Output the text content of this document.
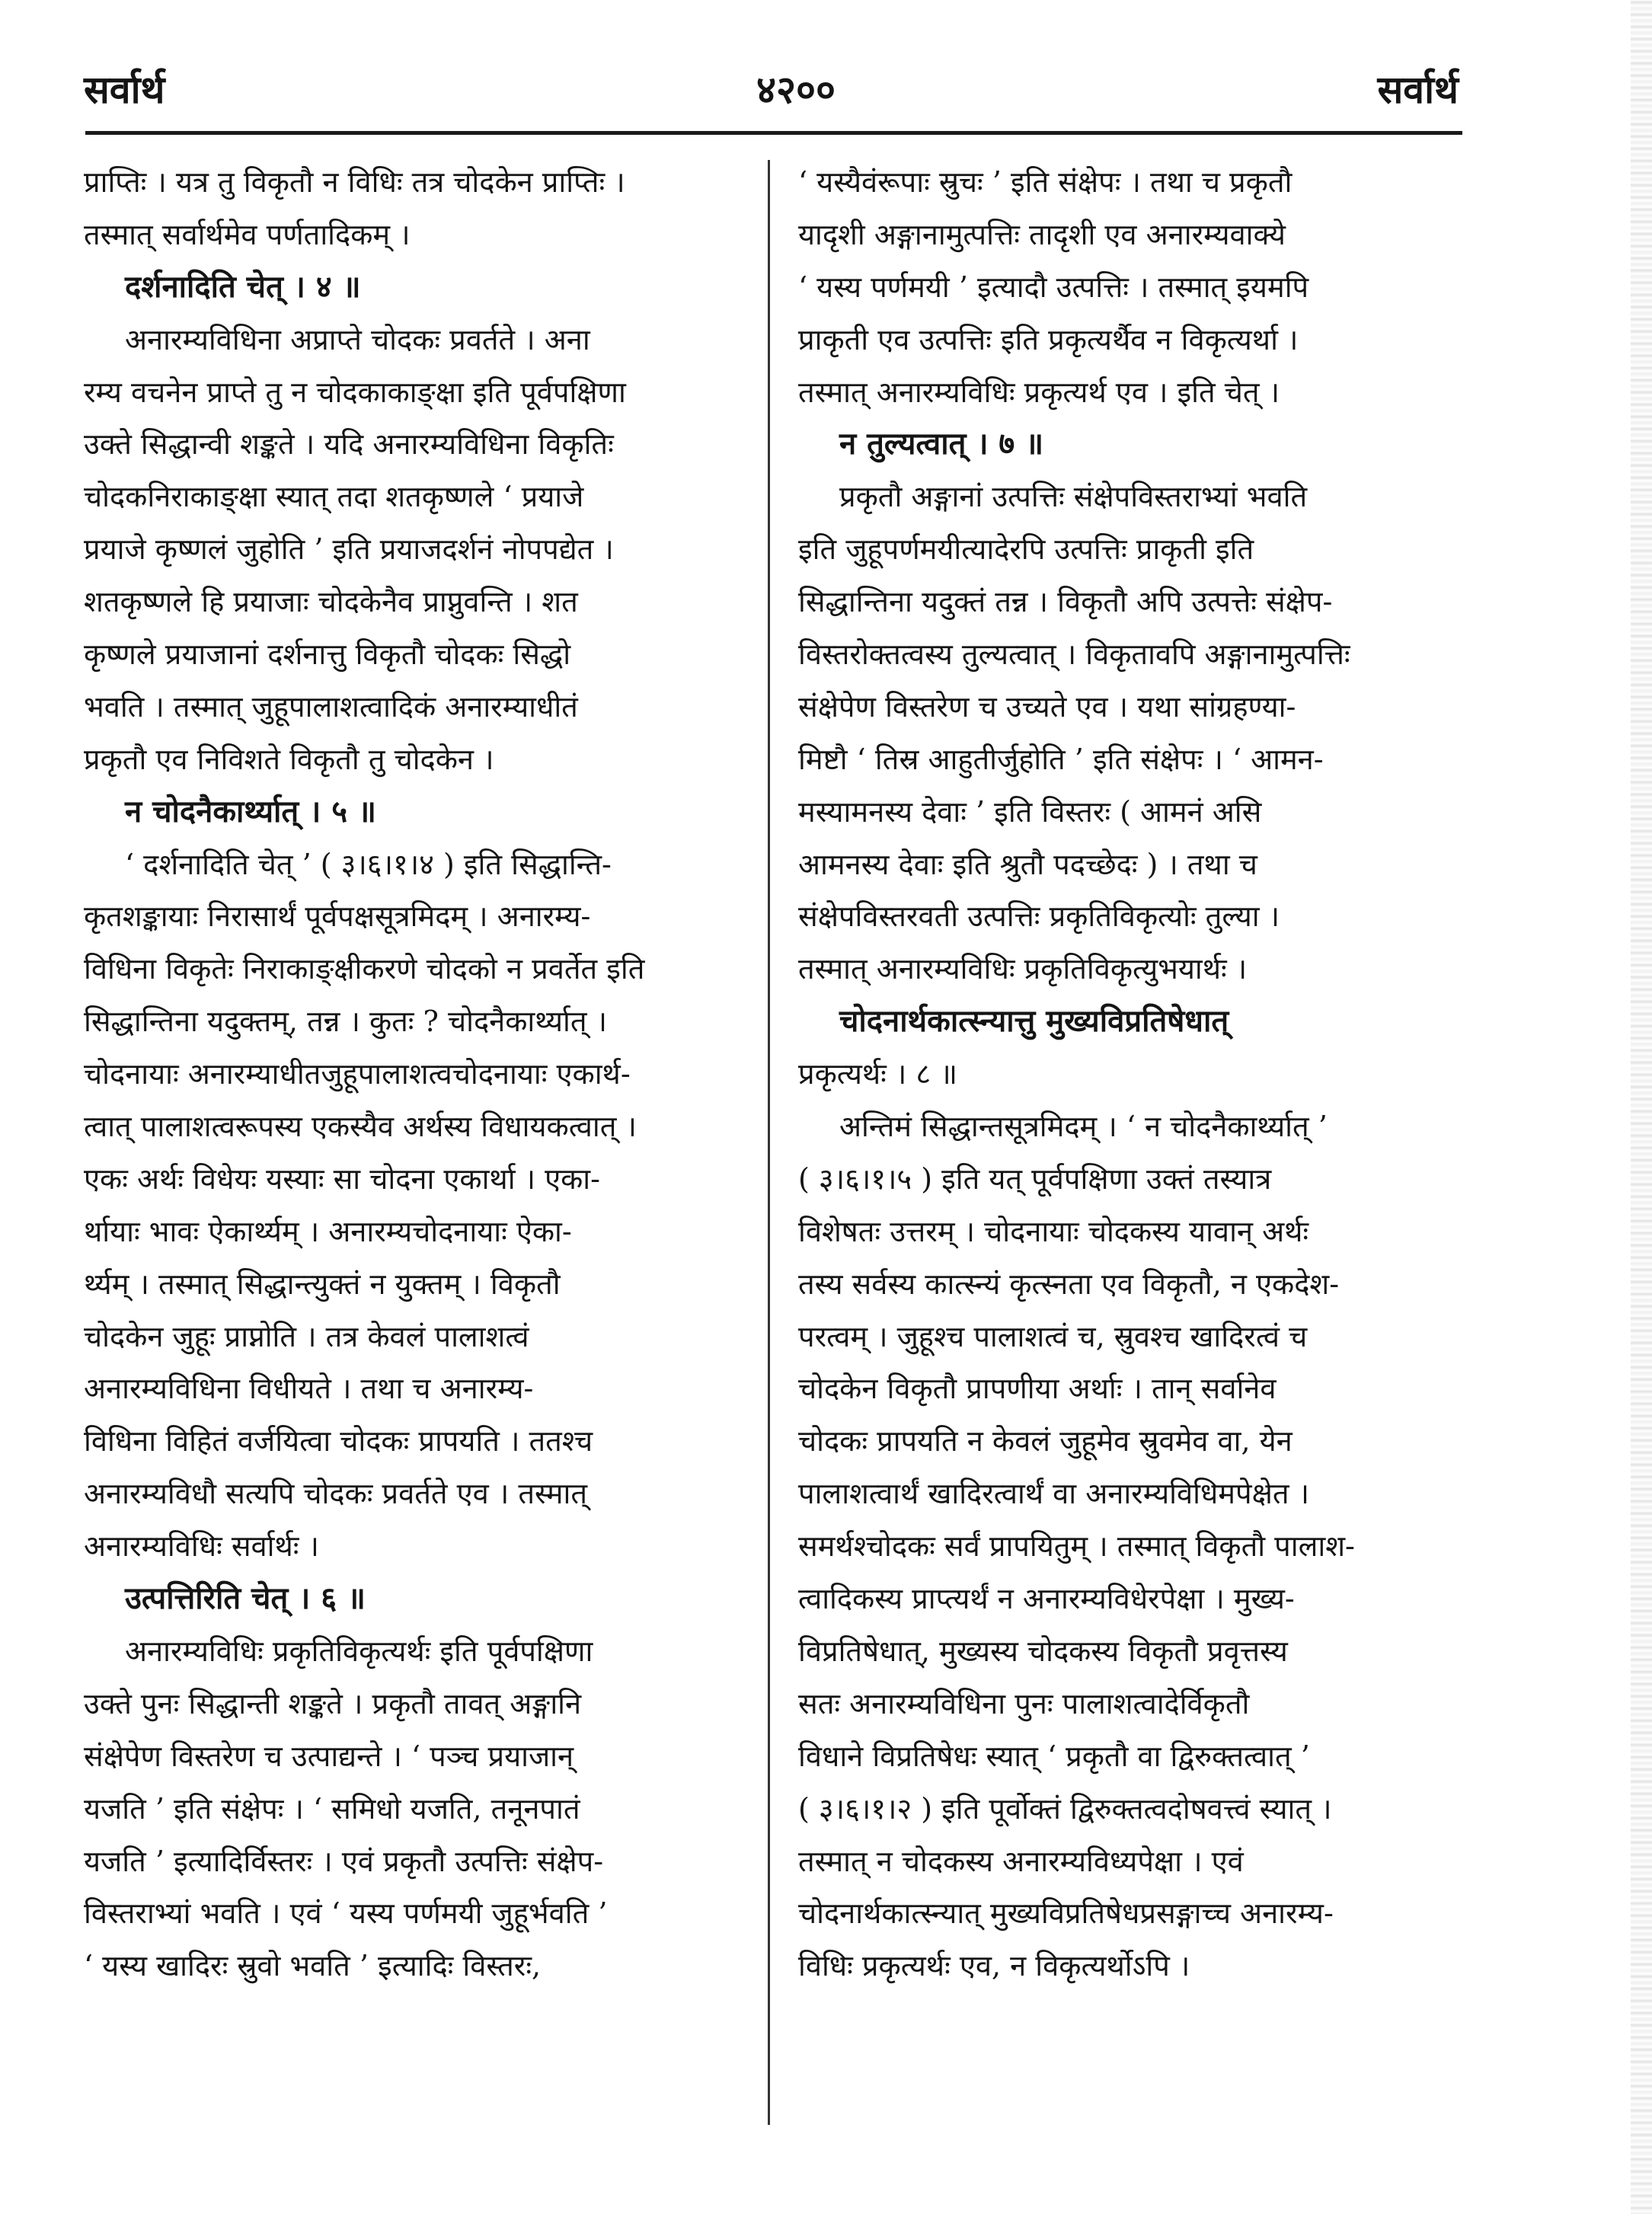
सर्वार्थ	४२००	सर्वार्थ
प्राप्तिः । यत्र तु विकृतौ न विधिः तत्र चोदकेन प्राप्तिः ।
तस्मात् सर्वार्थमेव पर्णतादिकम् ।
दर्शनादिति चेत् । ४ ॥
अनारम्यविधिना अप्राप्ते चोदकः प्रवर्तते । अना
रम्य वचनेन प्राप्ते तु न चोदकाकाङ्क्षा इति पूर्वपक्षिणा
उक्ते सिद्धान्वी शङ्कते । यदि अनारम्यविधिना विकृतिः
चोदकनिराकाङ्क्षा स्यात् तदा शतकृष्णले ‘ प्रयाजे
प्रयाजे कृष्णलं जुहोति ’ इति प्रयाजदर्शनं नोपपद्येत ।
शतकृष्णले हि प्रयाजाः चोदकेनैव प्राप्नुवन्ति । शत
कृष्णले प्रयाजानां दर्शनात्तु विकृतौ चोदकः सिद्धो
भवति । तस्मात् जुहूपालाशत्वादिकं अनारम्याधीतं
प्रकृतौ एव निविशते विकृतौ तु चोदकेन ।
न चोदनैकार्थ्यात् । ५ ॥
‘ दर्शनादिति चेत् ’ ( ३।६।१।४ ) इति सिद्धान्ति-
कृतशङ्कायाः निरासार्थं पूर्वपक्षसूत्रमिदम् । अनारम्य-
विधिना विकृतेः निराकाङ्क्षीकरणे चोदको न प्रवर्तेत इति
सिद्धान्तिना यदुक्तम्, तन्न । कुतः ? चोदनैकार्थ्यात् ।
चोदनायाः अनारम्याधीतजुहूपालाशत्वचोदनायाः एकार्थ-
त्वात् पालाशत्वरूपस्य एकस्यैव अर्थस्य विधायकत्वात् ।
एकः अर्थः विधेयः यस्याः सा चोदना एकार्था । एका-
र्थायाः भावः ऐकार्थ्यम् । अनारम्यचोदनायाः ऐका-
र्थ्यम् । तस्मात् सिद्धान्त्युक्तं न युक्तम् । विकृतौ
चोदकेन जुहूः प्राप्नोति । तत्र केवलं पालाशत्वं
अनारम्यविधिना विधीयते । तथा च अनारम्य-
विधिना विहितं वर्जयित्वा चोदकः प्रापयति । ततश्च
अनारम्यविधौ सत्यपि चोदकः प्रवर्तते एव । तस्मात्
अनारम्यविधिः सर्वार्थः ।
उत्पत्तिरिति चेत् । ६ ॥
अनारम्यविधिः प्रकृतिविकृत्यर्थः इति पूर्वपक्षिणा
उक्ते पुनः सिद्धान्ती शङ्कते । प्रकृतौ तावत् अङ्गानि
संक्षेपेण विस्तरेण च उत्पाद्यन्ते । ‘ पञ्च प्रयाजान्
यजति ’ इति संक्षेपः । ‘ समिधो यजति, तनूनपातं
यजति ’ इत्यादिर्विस्तरः । एवं प्रकृतौ उत्पत्तिः संक्षेप-
विस्तराभ्यां भवति । एवं ‘ यस्य पर्णमयी जुहूर्भवति ’
‘ यस्य खादिरः स्रुवो भवति ’ इत्यादिः विस्तरः,
‘ यस्यैवंरूपाः स्रुचः ’ इति संक्षेपः । तथा च प्रकृतौ
यादृशी अङ्गानामुत्पत्तिः तादृशी एव अनारम्यवाक्ये
‘ यस्य पर्णमयी ’ इत्यादौ उत्पत्तिः । तस्मात् इयमपि
प्राकृती एव उत्पत्तिः इति प्रकृत्यर्थैव न विकृत्यर्था ।
तस्मात् अनारम्यविधिः प्रकृत्यर्थ एव । इति चेत् ।
न तुल्यत्वात् । ७ ॥
प्रकृतौ अङ्गानां उत्पत्तिः संक्षेपविस्तराभ्यां भवति
इति जुहूपर्णमयीत्यादेरपि उत्पत्तिः प्राकृती इति
सिद्धान्तिना यदुक्तं तन्न । विकृतौ अपि उत्पत्तेः संक्षेप-
विस्तरोक्तत्वस्य तुल्यत्वात् । विकृतावपि अङ्गानामुत्पत्तिः
संक्षेपेण विस्तरेण च उच्यते एव । यथा सांग्रहण्या-
मिष्टौ ‘ तिस्र आहुतीर्जुहोति ’ इति संक्षेपः । ‘ आमन-
मस्यामनस्य देवाः ’ इति विस्तरः ( आमनं असि
आमनस्य देवाः इति श्रुतौ पदच्छेदः ) । तथा च
संक्षेपविस्तरवती उत्पत्तिः प्रकृतिविकृत्योः तुल्या ।
तस्मात् अनारम्यविधिः प्रकृतिविकृत्युभयार्थः ।
चोदनार्थकात्स्न्यात्तु मुख्यविप्रतिषेधात्
प्रकृत्यर्थः । ८ ॥
अन्तिमं सिद्धान्तसूत्रमिदम् । ‘ न चोदनैकार्थ्यात् ’
( ३।६।१।५ ) इति यत् पूर्वपक्षिणा उक्तं तस्यात्र
विशेषतः उत्तरम् । चोदनायाः चोदकस्य यावान् अर्थः
तस्य सर्वस्य कात्स्न्यं कृत्स्नता एव विकृतौ, न एकदेश-
परत्वम् । जुहूश्च पालाशत्वं च, स्रुवश्च खादिरत्वं च
चोदकेन विकृतौ प्रापणीया अर्थाः । तान् सर्वानेव
चोदकः प्रापयति न केवलं जुहूमेव स्रुवमेव वा, येन
पालाशत्वार्थं खादिरत्वार्थं वा अनारम्यविधिमपेक्षेत ।
समर्थश्चोदकः सर्वं प्रापयितुम् । तस्मात् विकृतौ पालाश-
त्वादिकस्य प्राप्त्यर्थं न अनारम्यविधेरपेक्षा । मुख्य-
विप्रतिषेधात्, मुख्यस्य चोदकस्य विकृतौ प्रवृत्तस्य
सतः अनारम्यविधिना पुनः पालाशत्वादेर्विकृतौ
विधाने विप्रतिषेधः स्यात् ‘ प्रकृतौ वा द्विरुक्तत्वात् ’
( ३।६।१।२ ) इति पूर्वोक्तं द्विरुक्तत्वदोषवत्त्वं स्यात् ।
तस्मात् न चोदकस्य अनारम्यविध्यपेक्षा । एवं
चोदनार्थकात्स्न्यात् मुख्यविप्रतिषेधप्रसङ्गाच्च अनारम्य-
विधिः प्रकृत्यर्थः एव, न विकृत्यर्थोऽपि ।
